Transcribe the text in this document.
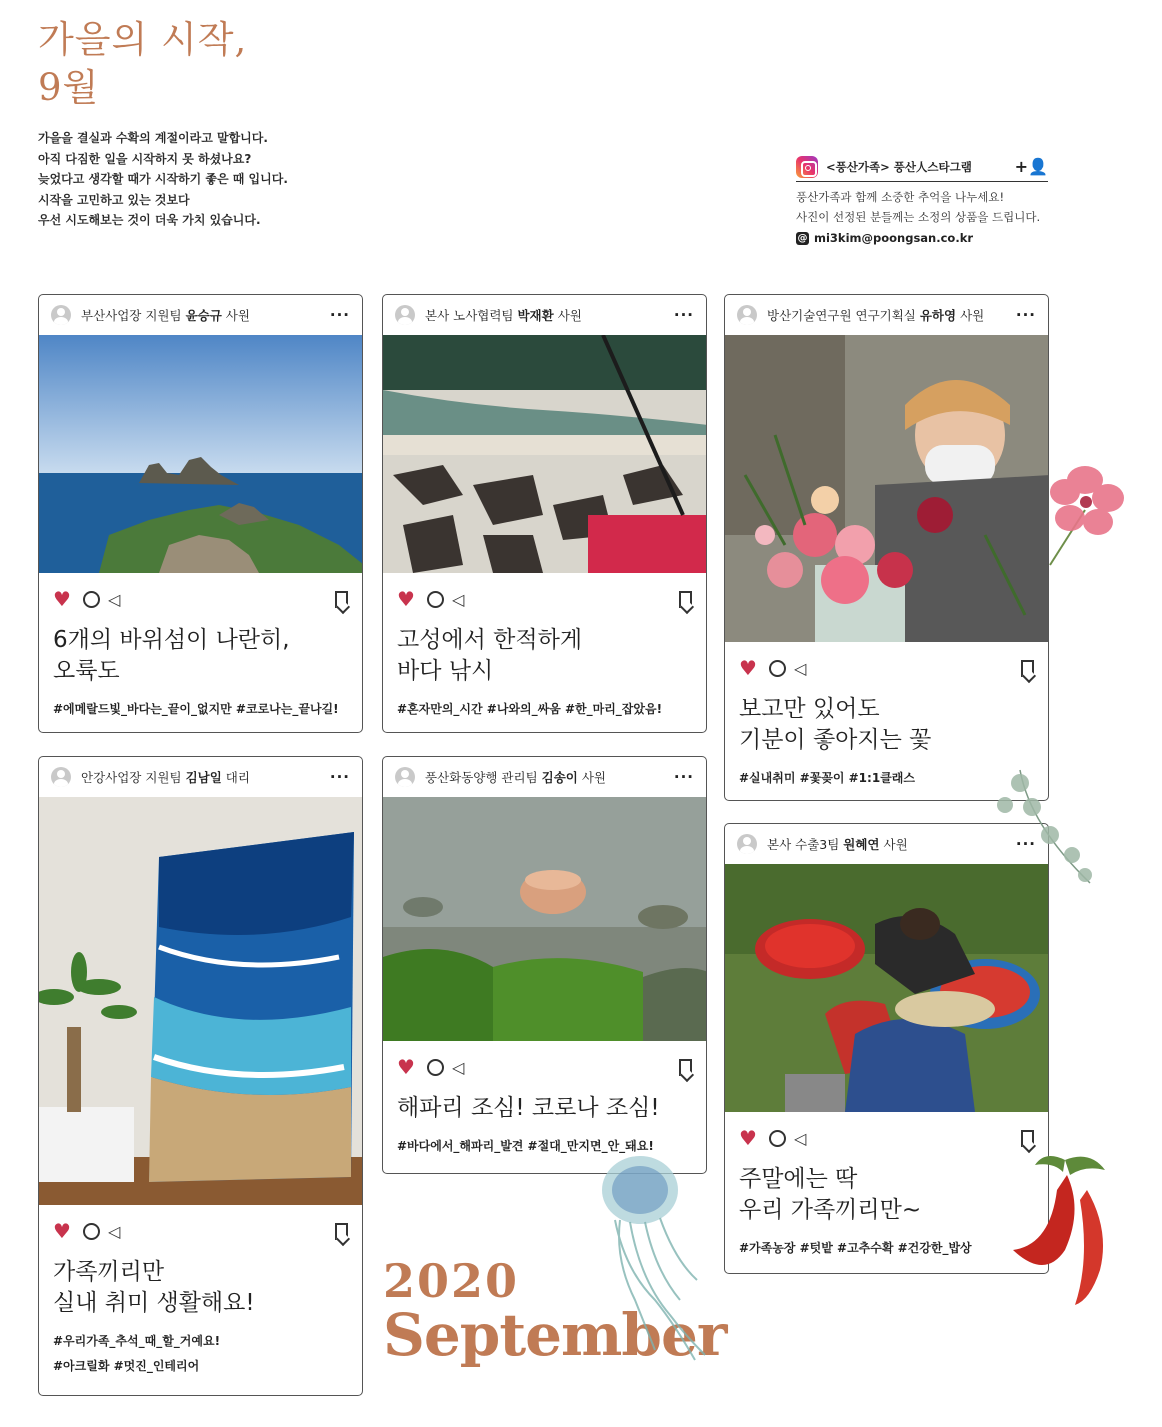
가을의 시작,
9월
가을을 결실과 수확의 계절이라고 말합니다.
아직 다짐한 일을 시작하지 못 하셨나요?
늦었다고 생각할 때가 시작하기 좋은 때 입니다.
시작을 고민하고 있는 것보다
우선 시도해보는 것이 더욱 가치 있습니다.
<풍산가족> 풍산人스타그램	+👤
풍산가족과 함께 소중한 추억을 나누세요!
사진이 선정된 분들께는 소정의 상품을 드립니다.
@ mi3kim@poongsan.co.kr
부산사업장 지원팀 윤승규 사원	···
♥	◁
6개의 바위섬이 나란히,
오륙도
#에메랄드빛_바다는_끝이_없지만 #코로나는_끝나길!
본사 노사협력팀 박재환 사원	···
♥	◁
고성에서 한적하게
바다 낚시
#혼자만의_시간 #나와의_싸움 #한_마리_잡았음!
방산기술연구원 연구기획실 유하영 사원	···
♥	◁
보고만 있어도
기분이 좋아지는 꽃
#실내취미 #꽃꽂이 #1:1클래스
안강사업장 지원팀 김남일 대리	···
♥	◁
가족끼리만
실내 취미 생활해요!
#우리가족_추석_때_할_거예요!
#아크릴화 #멋진_인테리어
풍산화동양행 관리팀 김송이 사원	···
♥	◁
해파리 조심! 코로나 조심!
#바다에서_해파리_발견 #절대_만지면_안_돼요!
본사 수출3팀 원혜연 사원	···
♥	◁
주말에는 딱
우리 가족끼리만~
#가족농장 #텃밭 #고추수확 #건강한_밥상
2020
September
